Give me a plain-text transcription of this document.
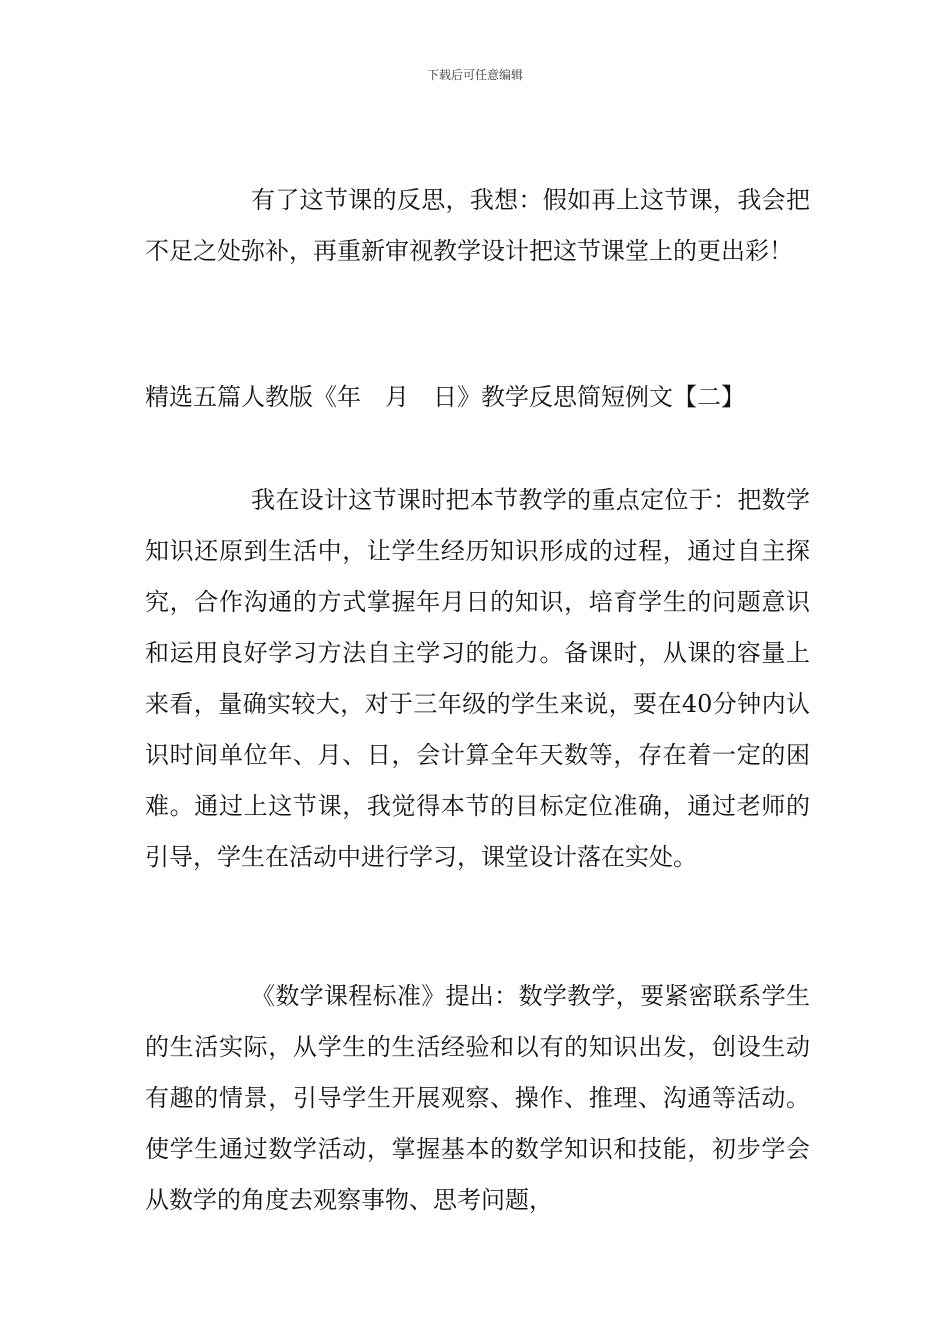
下载后可任意编辑

有了这节课的反思，我想：假如再上这节课，我会把不足之处弥补，再重新审视教学设计把这节课堂上的更出彩！

精选五篇人教版《年　月　日》教学反思简短例文【二】

我在设计这节课时把本节教学的重点定位于：把数学知识还原到生活中，让学生经历知识形成的过程，通过自主探究，合作沟通的方式掌握年月日的知识，培育学生的问题意识和运用良好学习方法自主学习的能力。备课时，从课的容量上来看，量确实较大，对于三年级的学生来说，要在40分钟内认识时间单位年、月、日，会计算全年天数等，存在着一定的困难。通过上这节课，我觉得本节的目标定位准确，通过老师的引导，学生在活动中进行学习，课堂设计落在实处。

《数学课程标准》提出：数学教学，要紧密联系学生的生活实际，从学生的生活经验和以有的知识出发，创设生动有趣的情景，引导学生开展观察、操作、推理、沟通等活动。使学生通过数学活动，掌握基本的数学知识和技能，初步学会从数学的角度去观察事物、思考问题，
